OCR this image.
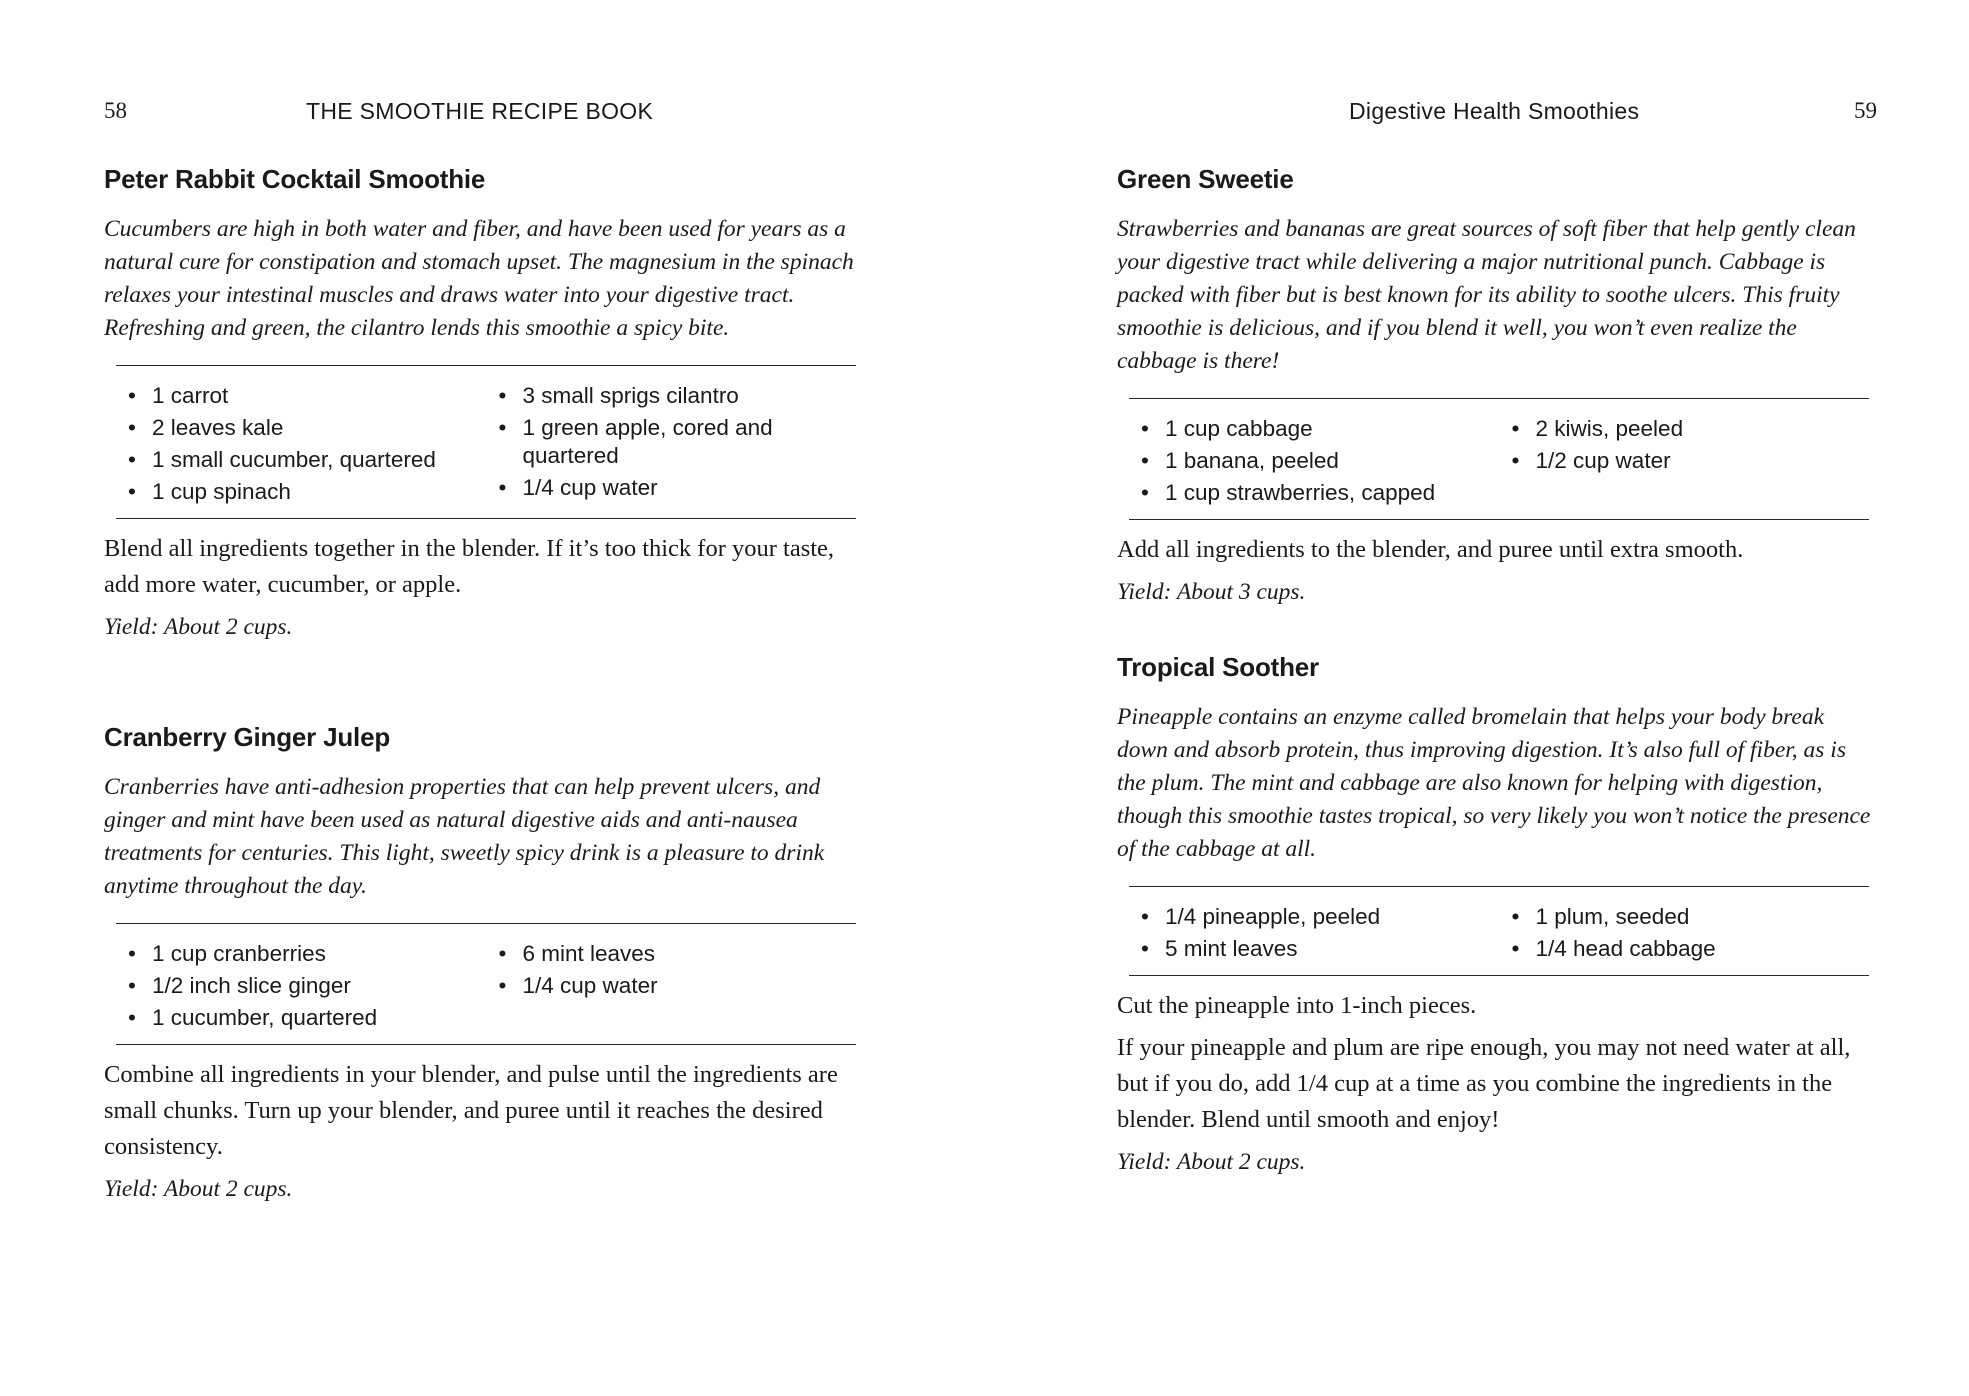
58	THE SMOOTHIE RECIPE BOOK
Peter Rabbit Cocktail Smoothie

Cucumbers are high in both water and fiber, and have been used for years as a natural cure for constipation and stomach upset. The magnesium in the spinach relaxes your intestinal muscles and draws water into your digestive tract. Refreshing and green, the cilantro lends this smoothie a spicy bite.

• 1 carrot
• 2 leaves kale
• 1 small cucumber, quartered
• 1 cup spinach
• 3 small sprigs cilantro
• 1 green apple, cored and quartered
• 1/4 cup water

Blend all ingredients together in the blender. If it’s too thick for your taste, add more water, cucumber, or apple.

Yield: About 2 cups.

Cranberry Ginger Julep

Cranberries have anti-adhesion properties that can help prevent ulcers, and ginger and mint have been used as natural digestive aids and anti-nausea treatments for centuries. This light, sweetly spicy drink is a pleasure to drink anytime throughout the day.

• 1 cup cranberries
• 1/2 inch slice ginger
• 1 cucumber, quartered
• 6 mint leaves
• 1/4 cup water

Combine all ingredients in your blender, and pulse until the ingredients are small chunks. Turn up your blender, and puree until it reaches the desired consistency.

Yield: About 2 cups.

Digestive Health Smoothies	59
Green Sweetie

Strawberries and bananas are great sources of soft fiber that help gently clean your digestive tract while delivering a major nutritional punch. Cabbage is packed with fiber but is best known for its ability to soothe ulcers. This fruity smoothie is delicious, and if you blend it well, you won’t even realize the cabbage is there!

• 1 cup cabbage
• 1 banana, peeled
• 1 cup strawberries, capped
• 2 kiwis, peeled
• 1/2 cup water

Add all ingredients to the blender, and puree until extra smooth.

Yield: About 3 cups.

Tropical Soother

Pineapple contains an enzyme called bromelain that helps your body break down and absorb protein, thus improving digestion. It’s also full of fiber, as is the plum. The mint and cabbage are also known for helping with digestion, though this smoothie tastes tropical, so very likely you won’t notice the presence of the cabbage at all.

• 1/4 pineapple, peeled
• 5 mint leaves
• 1 plum, seeded
• 1/4 head cabbage

Cut the pineapple into 1-inch pieces.

If your pineapple and plum are ripe enough, you may not need water at all, but if you do, add 1/4 cup at a time as you combine the ingredients in the blender. Blend until smooth and enjoy!

Yield: About 2 cups.
